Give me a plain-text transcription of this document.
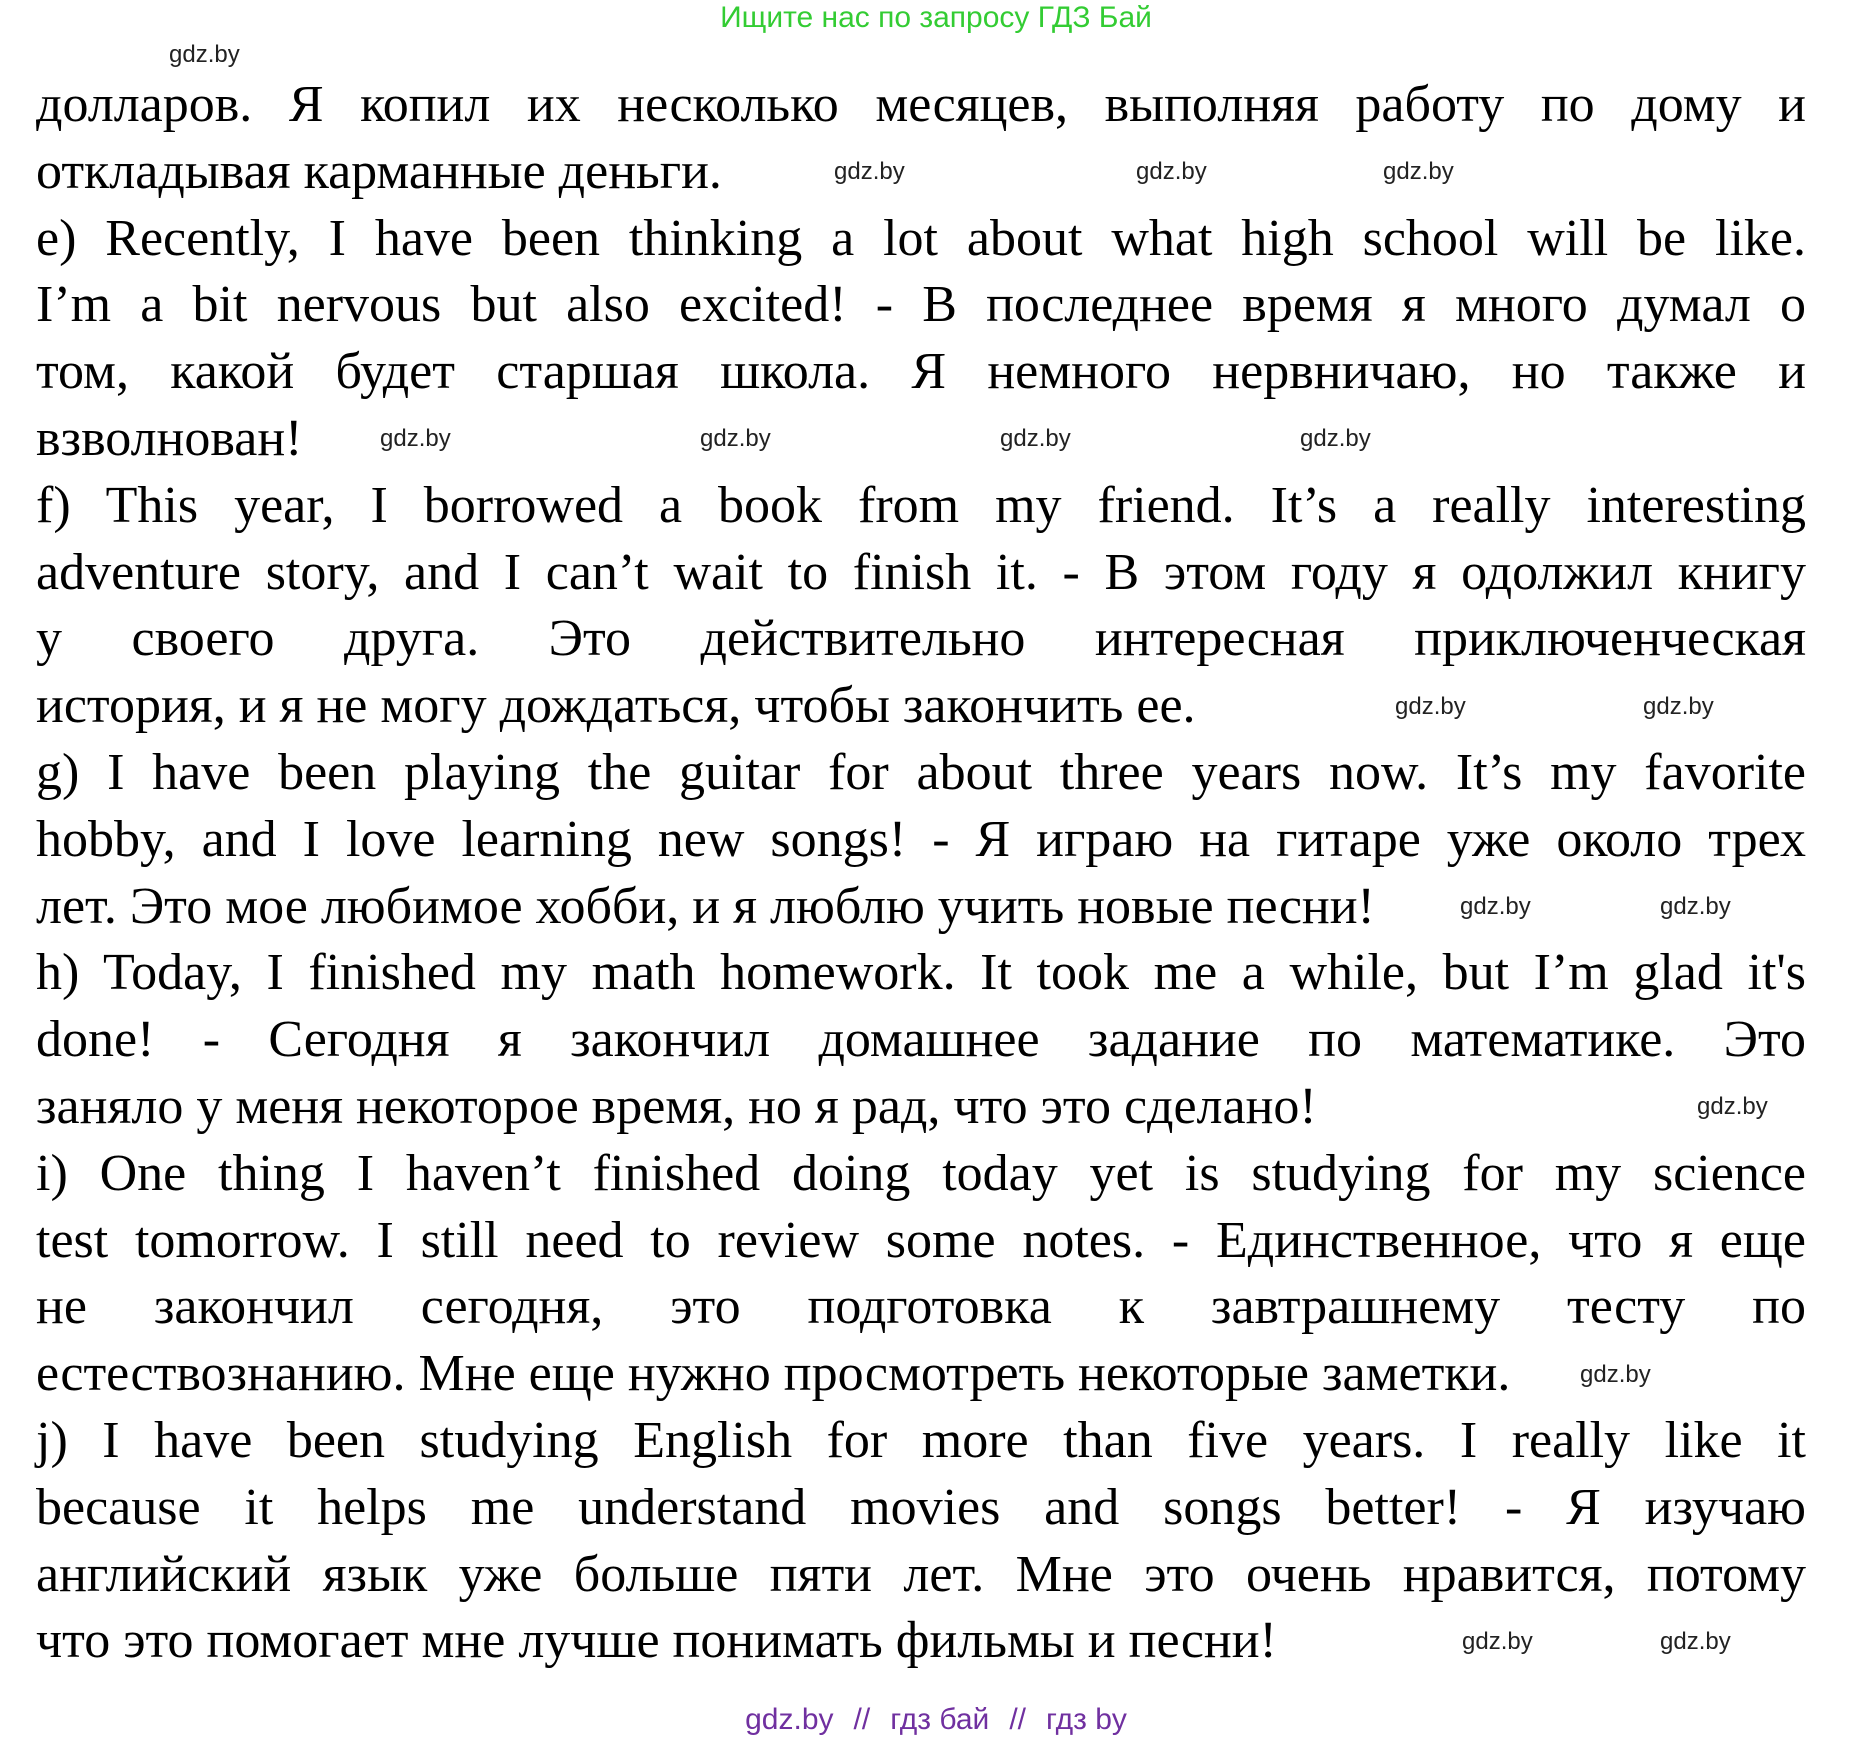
Ищите нас по запросу ГДЗ Бай
долларов. Я копил их несколько месяцев, выполняя работу по дому и
откладывая карманные деньги.
e) Recently, I have been thinking a lot about what high school will be like.
I’m a bit nervous but also excited! - В последнее время я много думал о
том, какой будет старшая школа. Я немного нервничаю, но также и
взволнован!
f) This year, I borrowed a book from my friend. It’s a really interesting
adventure story, and I can’t wait to finish it. - В этом году я одолжил книгу
у своего друга. Это действительно интересная приключенческая
история, и я не могу дождаться, чтобы закончить ее.
g) I have been playing the guitar for about three years now. It’s my favorite
hobby, and I love learning new songs! - Я играю на гитаре уже около трех
лет. Это мое любимое хобби, и я люблю учить новые песни!
h) Today, I finished my math homework. It took me a while, but I’m glad it's
done! - Сегодня я закончил домашнее задание по математике. Это
заняло у меня некоторое время, но я рад, что это сделано!
i) One thing I haven’t finished doing today yet is studying for my science
test tomorrow. I still need to review some notes. - Единственное, что я еще
не закончил сегодня, это подготовка к завтрашнему тесту по
естествознанию. Мне еще нужно просмотреть некоторые заметки.
j) I have been studying English for more than five years. I really like it
because it helps me understand movies and songs better! - Я изучаю
английский язык уже больше пяти лет. Мне это очень нравится, потому
что это помогает мне лучше понимать фильмы и песни!
gdz.by
gdz.by	gdz.by
gdz.by
gdz.by	gdz.by
gdz.by	gdz.by
gdz.by	gdz.by
gdz.by
gdz.by
gdz.by	gdz.by
gdz.by	gdz.by
gdz.by // гдз бай // гдз by
